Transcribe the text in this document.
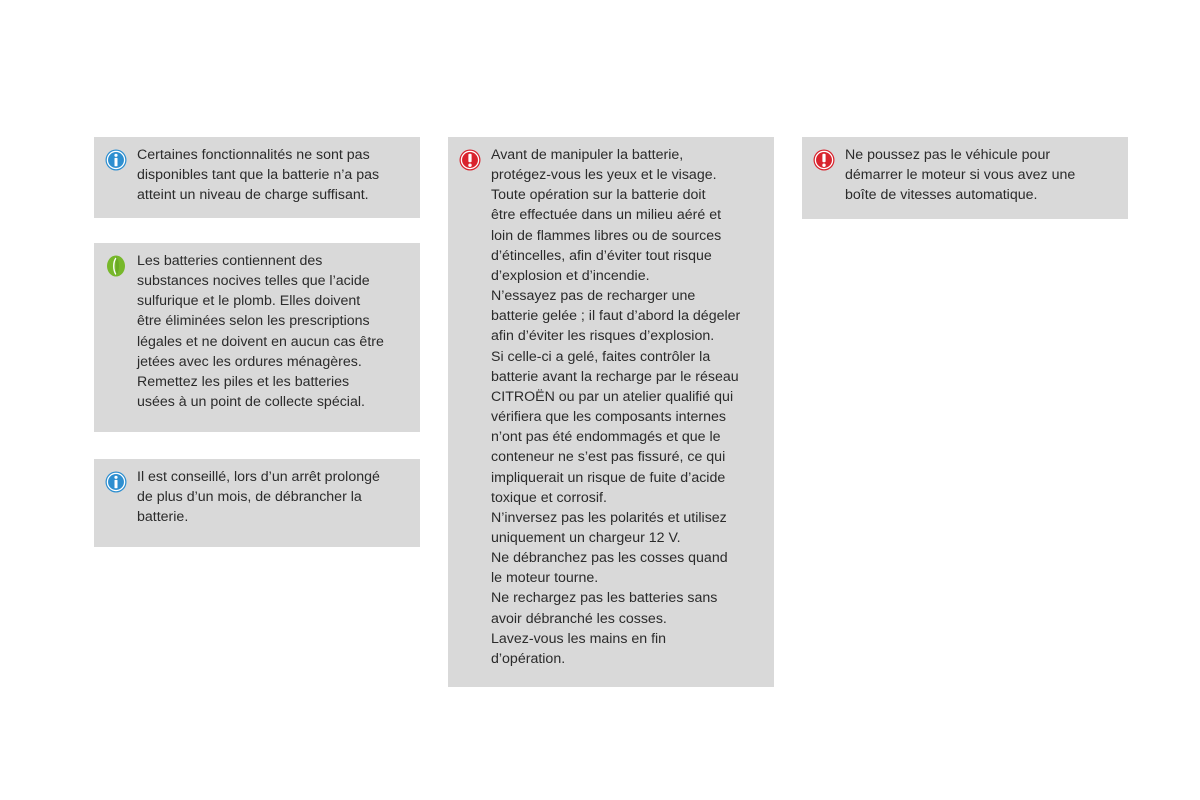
Certaines fonctionnalités ne sont pas
disponibles tant que la batterie n’a pas
atteint un niveau de charge suffisant.

Les batteries contiennent des
substances nocives telles que l’acide
sulfurique et le plomb. Elles doivent
être éliminées selon les prescriptions
légales et ne doivent en aucun cas être
jetées avec les ordures ménagères.
Remettez les piles et les batteries
usées à un point de collecte spécial.

Il est conseillé, lors d’un arrêt prolongé
de plus d’un mois, de débrancher la
batterie.

Avant de manipuler la batterie,
protégez-vous les yeux et le visage.
Toute opération sur la batterie doit
être effectuée dans un milieu aéré et
loin de flammes libres ou de sources
d’étincelles, afin d’éviter tout risque
d’explosion et d’incendie.
N’essayez pas de recharger une
batterie gelée ; il faut d’abord la dégeler
afin d’éviter les risques d’explosion.
Si celle-ci a gelé, faites contrôler la
batterie avant la recharge par le réseau
CITROËN ou par un atelier qualifié qui
vérifiera que les composants internes
n’ont pas été endommagés et que le
conteneur ne s’est pas fissuré, ce qui
impliquerait un risque de fuite d’acide
toxique et corrosif.
N’inversez pas les polarités et utilisez
uniquement un chargeur 12 V.
Ne débranchez pas les cosses quand
le moteur tourne.
Ne rechargez pas les batteries sans
avoir débranché les cosses.
Lavez-vous les mains en fin
d’opération.

Ne poussez pas le véhicule pour
démarrer le moteur si vous avez une
boîte de vitesses automatique.
